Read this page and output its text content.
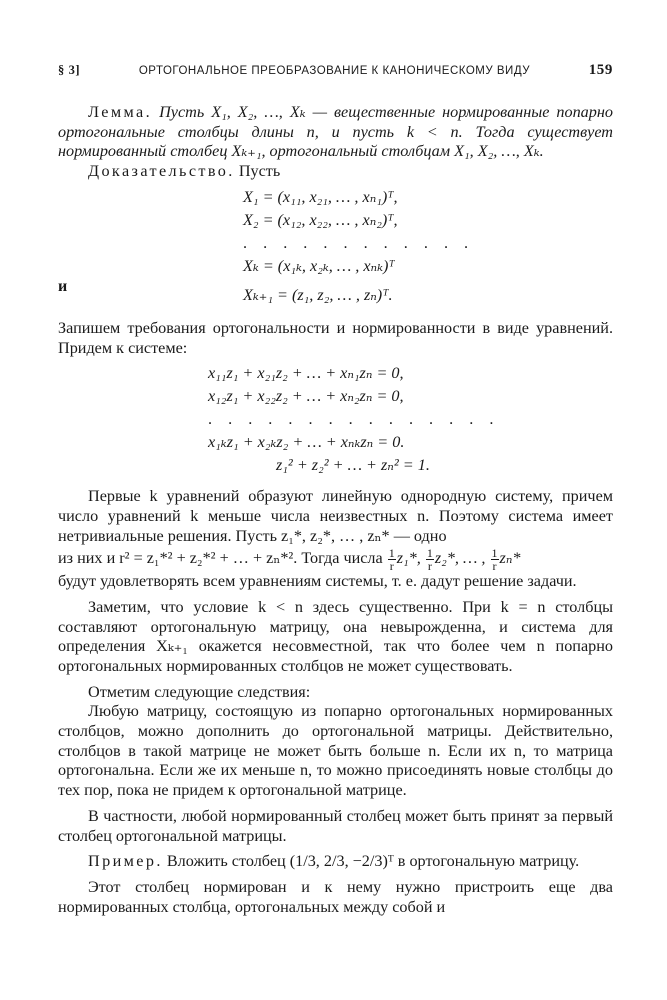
§ 3]	ОРТОГОНАЛЬНОЕ ПРЕОБРАЗОВАНИЕ К КАНОНИЧЕСКОМУ ВИДУ	159

Лемма. Пусть X₁, X₂, …, Xₖ — вещественные нормированные попарно ортогональные столбцы длины n, и пусть k < n. Тогда существует нормированный столбец Xₖ₊₁, ортогональный столбцам X₁, X₂, …, Xₖ.

Доказательство. Пусть

X₁ = (x₁₁, x₂₁, … , xₙ₁)ᵀ,
X₂ = (x₁₂, x₂₂, … , xₙ₂)ᵀ,
. . . . . . . . . . . .
Xₖ = (x₁ₖ, x₂ₖ, … , xₙₖ)ᵀ
и	Xₖ₊₁ = (z₁, z₂, … , zₙ)ᵀ.

Запишем требования ортогональности и нормированности в виде уравнений. Придем к системе:

x₁₁z₁ + x₂₁z₂ + … + xₙ₁zₙ = 0,
x₁₂z₁ + x₂₂z₂ + … + xₙ₂zₙ = 0,
. . . . . . . . . . . . . . .
x₁ₖz₁ + x₂ₖz₂ + … + xₙₖzₙ = 0.
z₁² + z₂² + … + zₙ² = 1.

Первые k уравнений образуют линейную однородную систему, причем число уравнений k меньше числа неизвестных n. Поэтому система имеет нетривиальные решения. Пусть z₁*, z₂*, … , zₙ* — одно

из них и r² = z₁*² + z₂*² + … + zₙ*². Тогда числа $\frac{1}{r} z_1*$, $\frac{1}{r} z_2*$, … , $\frac{1}{r} z_n*$

будут удовлетворять всем уравнениям системы, т. е. дадут решение задачи.

Заметим, что условие k < n здесь существенно. При k = n столбцы составляют ортогональную матрицу, она невырожденна, и система для определения Xₖ₊₁ окажется несовместной, так что более чем n попарно ортогональных нормированных столбцов не может существовать.

Отметим следующие следствия:

Любую матрицу, состоящую из попарно ортогональных нормированных столбцов, можно дополнить до ортогональной матрицы. Действительно, столбцов в такой матрице не может быть больше n. Если их n, то матрица ортогональна. Если же их меньше n, то можно присоединять новые столбцы до тех пор, пока не придем к ортогональной матрице.

В частности, любой нормированный столбец может быть принят за первый столбец ортогональной матрицы.

Пример. Вложить столбец (1/3, 2/3, −2/3)ᵀ в ортогональную матрицу.

Этот столбец нормирован и к нему нужно пристроить еще два нормированных столбца, ортогональных между собой и
